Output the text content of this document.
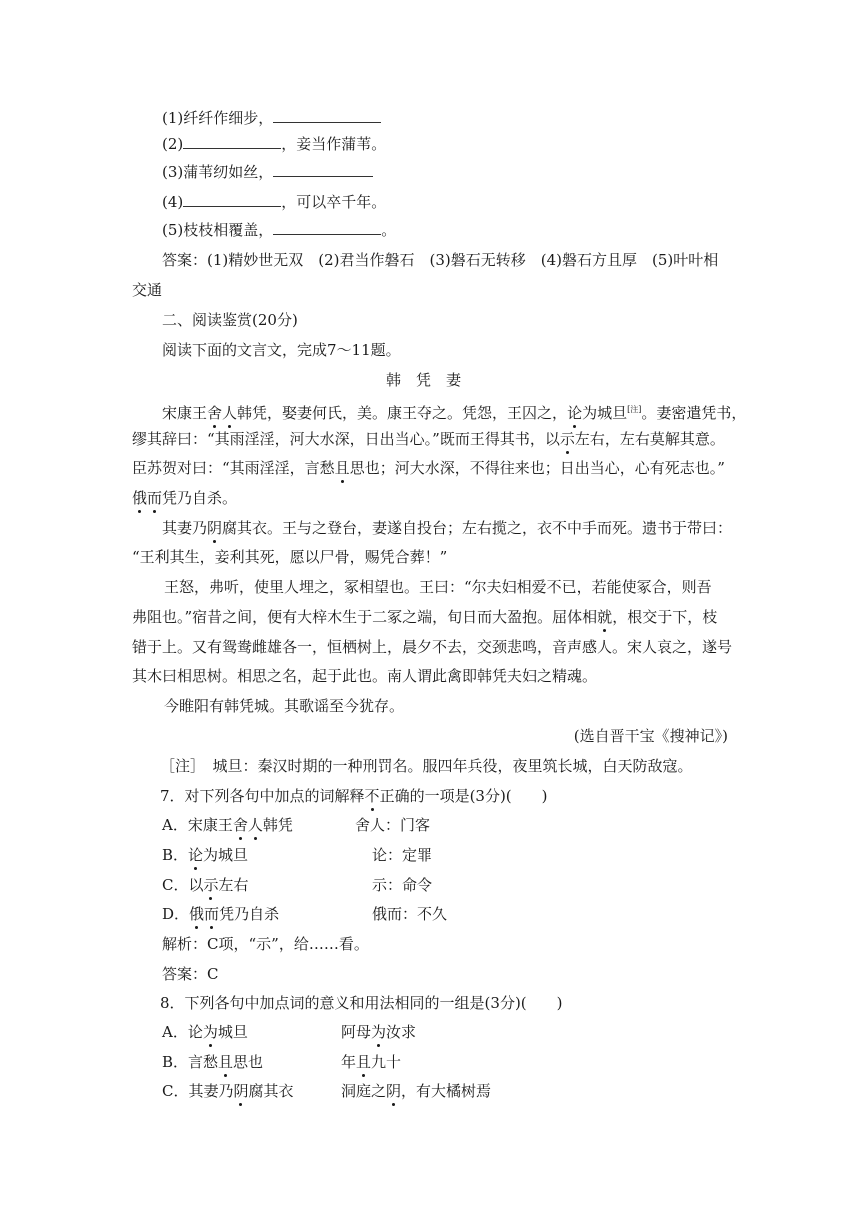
(1)纤纤作细步，
(2)	，妾当作蒲苇。
(3)蒲苇纫如丝，
(4)	，可以卒千年。
(5)枝枝相覆盖，	。
答案：(1)精妙世无双　(2)君当作磐石　(3)磐石无转移　(4)磐石方且厚　(5)叶叶相
交通
二、阅读鉴赏(20分)
阅读下面的文言文，完成7～11题。
韩　凭　妻
宋康王舍人韩凭，娶妻何氏，美。康王夺之。凭怨，王囚之，论为城旦[注]。妻密遣凭书，
缪其辞曰：“其雨淫淫，河大水深，日出当心。”既而王得其书，以示左右，左右莫解其意。
臣苏贺对曰：“其雨淫淫，言愁且思也；河大水深，不得往来也；日出当心，心有死志也。”
俄而凭乃自杀。
其妻乃阴腐其衣。王与之登台，妻遂自投台；左右揽之，衣不中手而死。遗书于带曰：
“王利其生，妾利其死，愿以尸骨，赐凭合葬！”
王怒，弗听，使里人埋之，冢相望也。王曰：“尔夫妇相爱不已，若能使冢合，则吾
弗阻也。”宿昔之间，便有大梓木生于二冢之端，旬日而大盈抱。屈体相就，根交于下，枝
错于上。又有鸳鸯雌雄各一，恒栖树上，晨夕不去，交颈悲鸣，音声感人。宋人哀之，遂号
其木曰相思树。相思之名，起于此也。南人谓此禽即韩凭夫妇之精魂。
今睢阳有韩凭城。其歌谣至今犹存。
(选自晋干宝《搜神记》)
［注］　城旦：秦汉时期的一种刑罚名。服四年兵役，夜里筑长城，白天防敌寇。
7．对下列各句中加点的词解释不正确的一项是(3分)(　　)
A．宋康王舍人韩凭	舍人：门客
B．论为城旦	论：定罪
C．以示左右	示：命令
D．俄而凭乃自杀	俄而：不久
解析：C项，“示”，给……看。
答案：C
8．下列各句中加点词的意义和用法相同的一组是(3分)(　　)
A．论为城旦	阿母为汝求
B．言愁且思也	年且九十
C．其妻乃阴腐其衣	洞庭之阴，有大橘树焉
